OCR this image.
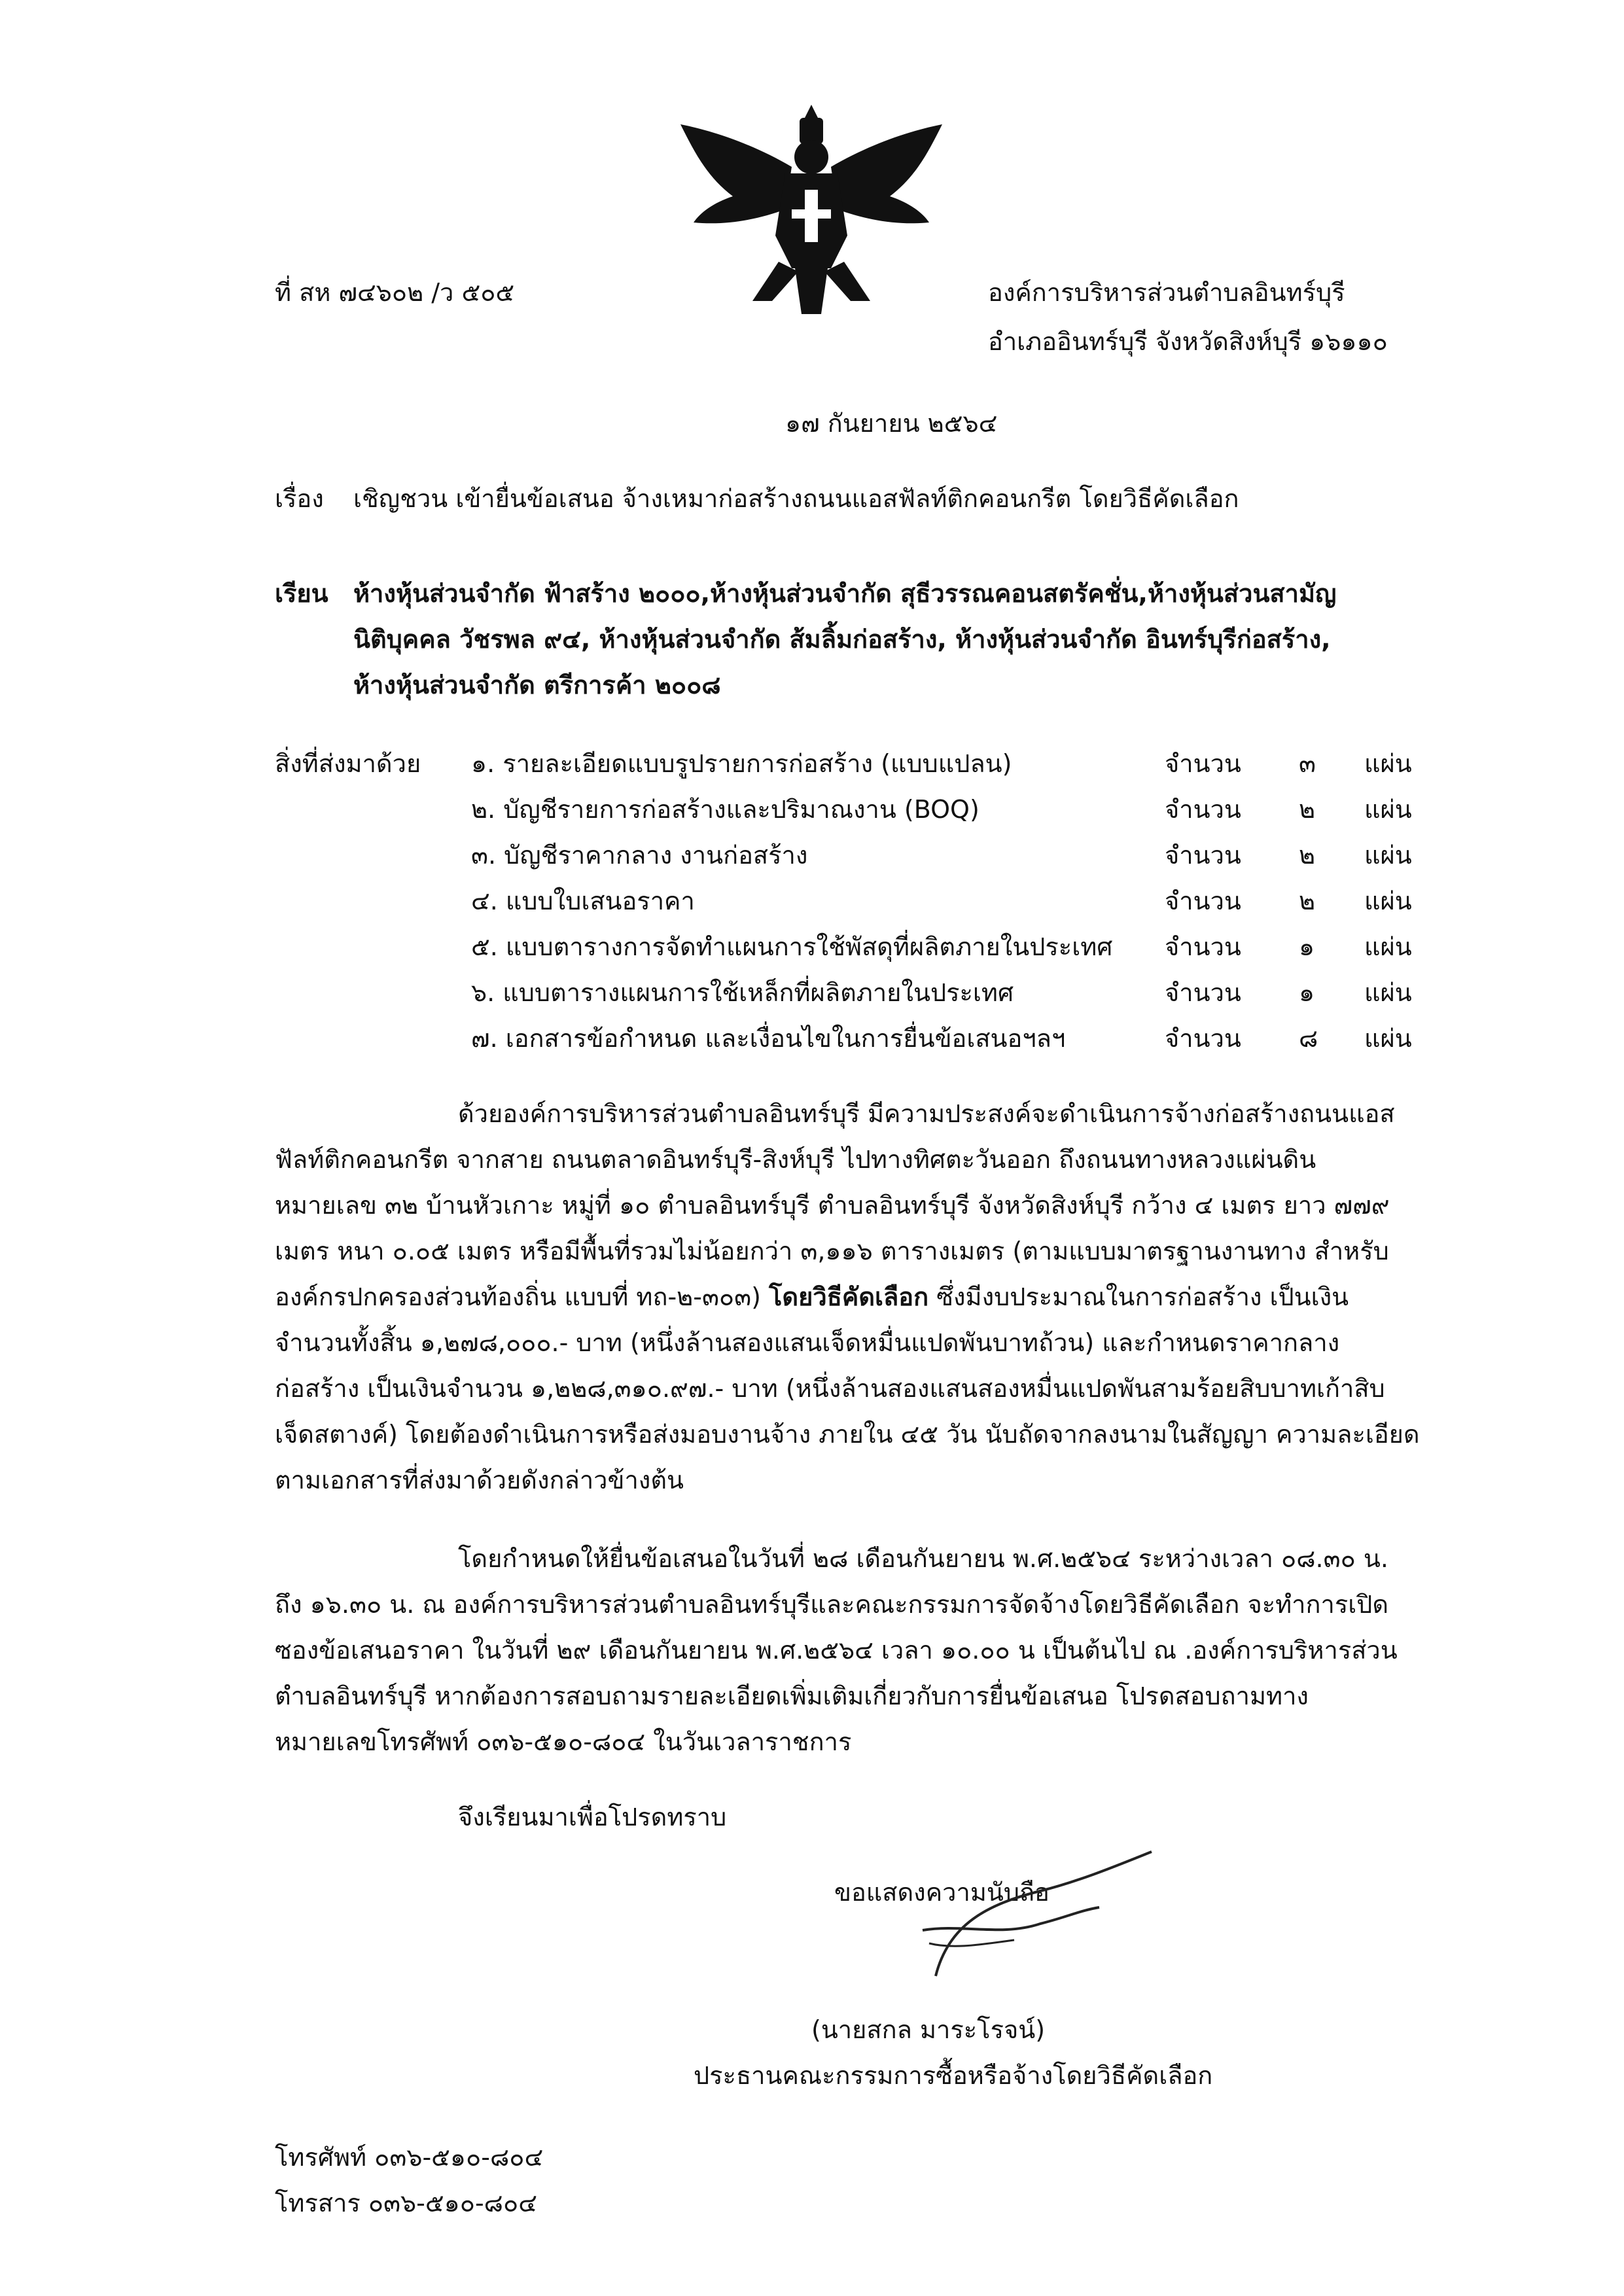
ที่ สห ๗๔๖๐๒ /ว ๕๐๕	องค์การบริหารส่วนตำบลอินทร์บุรี
อำเภออินทร์บุรี จังหวัดสิงห์บุรี ๑๖๑๑๐
๑๗ กันยายน ๒๕๖๔
เรื่อง เชิญชวน เข้ายื่นข้อเสนอ จ้างเหมาก่อสร้างถนนแอสฟัลท์ติกคอนกรีต โดยวิธีคัดเลือก
เรียน ห้างหุ้นส่วนจำกัด ฟ้าสร้าง ๒๐๐๐,ห้างหุ้นส่วนจำกัด สุธีวรรณคอนสตรัคชั่น,ห้างหุ้นส่วนสามัญ
นิติบุคคล วัชรพล ๙๔, ห้างหุ้นส่วนจำกัด ส้มลิ้มก่อสร้าง, ห้างหุ้นส่วนจำกัด อินทร์บุรีก่อสร้าง,
ห้างหุ้นส่วนจำกัด ตรีการค้า ๒๐๐๘
สิ่งที่ส่งมาด้วย ๑. รายละเอียดแบบรูปรายการก่อสร้าง (แบบแปลน)	จำนวน ๓ แผ่น
๒. บัญชีรายการก่อสร้างและปริมาณงาน (BOQ)	จำนวน ๒ แผ่น
๓. บัญชีราคากลาง งานก่อสร้าง	จำนวน ๒ แผ่น
๔. แบบใบเสนอราคา	จำนวน ๒ แผ่น
๕. แบบตารางการจัดทำแผนการใช้พัสดุที่ผลิตภายในประเทศ จำนวน ๑ แผ่น
๖. แบบตารางแผนการใช้เหล็กที่ผลิตภายในประเทศ	จำนวน ๑ แผ่น
๗. เอกสารข้อกำหนด และเงื่อนไขในการยื่นข้อเสนอฯลฯ	จำนวน ๘ แผ่น
ด้วยองค์การบริหารส่วนตำบลอินทร์บุรี มีความประสงค์จะดำเนินการจ้างก่อสร้างถนนแอส
ฟัลท์ติกคอนกรีต จากสาย ถนนตลาดอินทร์บุรี-สิงห์บุรี ไปทางทิศตะวันออก ถึงถนนทางหลวงแผ่นดิน
หมายเลข ๓๒ บ้านหัวเกาะ หมู่ที่ ๑๐ ตำบลอินทร์บุรี ตำบลอินทร์บุรี จังหวัดสิงห์บุรี กว้าง ๔ เมตร ยาว ๗๗๙
เมตร หนา ๐.๐๕ เมตร หรือมีพื้นที่รวมไม่น้อยกว่า ๓,๑๑๖ ตารางเมตร (ตามแบบมาตรฐานงานทาง สำหรับ
องค์กรปกครองส่วนท้องถิ่น แบบที่ ทถ-๒-๓๐๓) โดยวิธีคัดเลือก ซึ่งมีงบประมาณในการก่อสร้าง เป็นเงิน
จำนวนทั้งสิ้น ๑,๒๗๘,๐๐๐.- บาท (หนึ่งล้านสองแสนเจ็ดหมื่นแปดพันบาทถ้วน) และกำหนดราคากลาง
ก่อสร้าง เป็นเงินจำนวน ๑,๒๒๘,๓๑๐.๙๗.- บาท (หนึ่งล้านสองแสนสองหมื่นแปดพันสามร้อยสิบบาทเก้าสิบ
เจ็ดสตางค์) โดยต้องดำเนินการหรือส่งมอบงานจ้าง ภายใน ๔๕ วัน นับถัดจากลงนามในสัญญา ความละเอียด
ตามเอกสารที่ส่งมาด้วยดังกล่าวข้างต้น
โดยกำหนดให้ยื่นข้อเสนอในวันที่ ๒๘ เดือนกันยายน พ.ศ.๒๕๖๔ ระหว่างเวลา ๐๘.๓๐ น.
ถึง ๑๖.๓๐ น. ณ องค์การบริหารส่วนตำบลอินทร์บุรีและคณะกรรมการจัดจ้างโดยวิธีคัดเลือก จะทำการเปิด
ซองข้อเสนอราคา ในวันที่ ๒๙ เดือนกันยายน พ.ศ.๒๕๖๔ เวลา ๑๐.๐๐ น เป็นต้นไป ณ .องค์การบริหารส่วน
ตำบลอินทร์บุรี หากต้องการสอบถามรายละเอียดเพิ่มเติมเกี่ยวกับการยื่นข้อเสนอ โปรดสอบถามทาง
หมายเลขโทรศัพท์ ๐๓๖-๕๑๐-๘๐๔ ในวันเวลาราชการ
จึงเรียนมาเพื่อโปรดทราบ
ขอแสดงความนับถือ
(นายสกล มาระโรจน์)
ประธานคณะกรรมการซื้อหรือจ้างโดยวิธีคัดเลือก
โทรศัพท์ ๐๓๖-๕๑๐-๘๐๔
โทรสาร ๐๓๖-๕๑๐-๘๐๔
